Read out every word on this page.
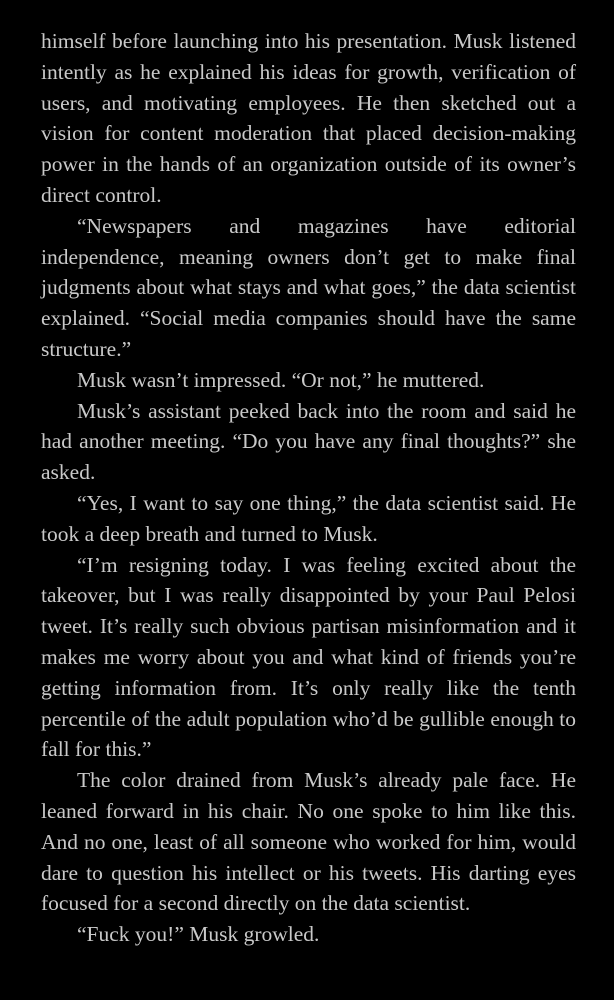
himself before launching into his presentation. Musk listened intently as he explained his ideas for growth, verification of users, and motivating employees. He then sketched out a vision for content moderation that placed decision-making power in the hands of an organization outside of its owner’s direct control.

“Newspapers and magazines have editorial independence, meaning owners don’t get to make final judgments about what stays and what goes,” the data scientist explained. “Social media companies should have the same structure.”

Musk wasn’t impressed. “Or not,” he muttered.

Musk’s assistant peeked back into the room and said he had another meeting. “Do you have any final thoughts?” she asked.

“Yes, I want to say one thing,” the data scientist said. He took a deep breath and turned to Musk.

“I’m resigning today. I was feeling excited about the takeover, but I was really disappointed by your Paul Pelosi tweet. It’s really such obvious partisan misinformation and it makes me worry about you and what kind of friends you’re getting information from. It’s only really like the tenth percentile of the adult population who’d be gullible enough to fall for this.”

The color drained from Musk’s already pale face. He leaned forward in his chair. No one spoke to him like this. And no one, least of all someone who worked for him, would dare to question his intellect or his tweets. His darting eyes focused for a second directly on the data scientist.

“Fuck you!” Musk growled.
